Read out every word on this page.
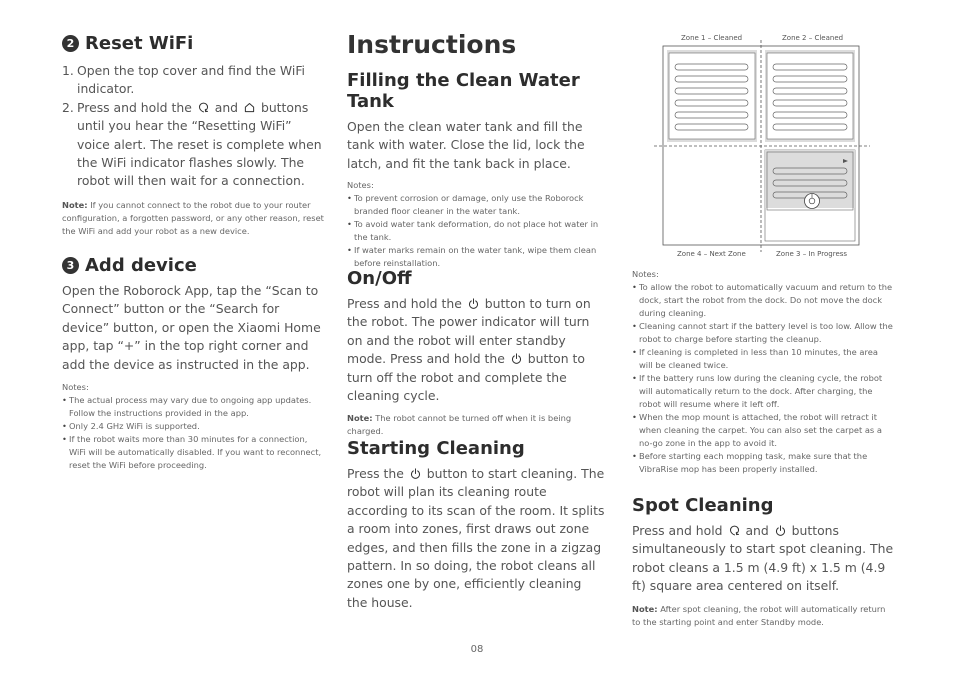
2 Reset WiFi
1. Open the top cover and find the WiFi indicator.
2. Press and hold the and buttons until you hear the “Resetting WiFi” voice alert. The reset is complete when the WiFi indicator flashes slowly. The robot will then wait for a connection.

Note: If you cannot connect to the robot due to your router configuration, a forgotten password, or any other reason, reset the WiFi and add your robot as a new device.

3 Add device

Open the Roborock App, tap the “Scan to Connect” button or the “Search for device” button, or open the Xiaomi Home app, tap “+” in the top right corner and add the device as instructed in the app.

Notes:

• The actual process may vary due to ongoing app updates. Follow the instructions provided in the app.
• Only 2.4 GHz WiFi is supported.
• If the robot waits more than 30 minutes for a connection, WiFi will be automatically disabled. If you want to reconnect, reset the WiFi before proceeding.
Instructions
Filling the Clean Water Tank

Open the clean water tank and fill the tank with water. Close the lid, lock the latch, and fit the tank back in place.

Notes:

• To prevent corrosion or damage, only use the Roborock branded floor cleaner in the water tank.
• To avoid water tank deformation, do not place hot water in the tank.
• If water marks remain on the water tank, wipe them clean before reinstallation.
On/Off

Press and hold the button to turn on the robot. The power indicator will turn on and the robot will enter standby mode. Press and hold the button to turn off the robot and complete the cleaning cycle.

Note: The robot cannot be turned off when it is being charged.

Starting Cleaning

Press the button to start cleaning. The robot will plan its cleaning route according to its scan of the room. It splits a room into zones, first draws out zone edges, and then fills the zone in a zigzag pattern. In so doing, the robot cleans all zones one by one, efficiently cleaning the house.

Zone 1 – Cleaned	Zone 2 – Cleaned
Zone 4 – Next Zone	Zone 3 – In Progress

Notes:

• To allow the robot to automatically vacuum and return to the dock, start the robot from the dock. Do not move the dock during cleaning.
• Cleaning cannot start if the battery level is too low. Allow the robot to charge before starting the cleanup.
• If cleaning is completed in less than 10 minutes, the area will be cleaned twice.
• If the battery runs low during the cleaning cycle, the robot will automatically return to the dock. After charging, the robot will resume where it left off.
• When the mop mount is attached, the robot will retract it when cleaning the carpet. You can also set the carpet as a no-go zone in the app to avoid it.
• Before starting each mopping task, make sure that the VibraRise mop has been properly installed.
Spot Cleaning

Press and hold and buttons simultaneously to start spot cleaning. The robot cleans a 1.5 m (4.9 ft) x 1.5 m (4.9 ft) square area centered on itself.

Note: After spot cleaning, the robot will automatically return to the starting point and enter Standby mode.

08
